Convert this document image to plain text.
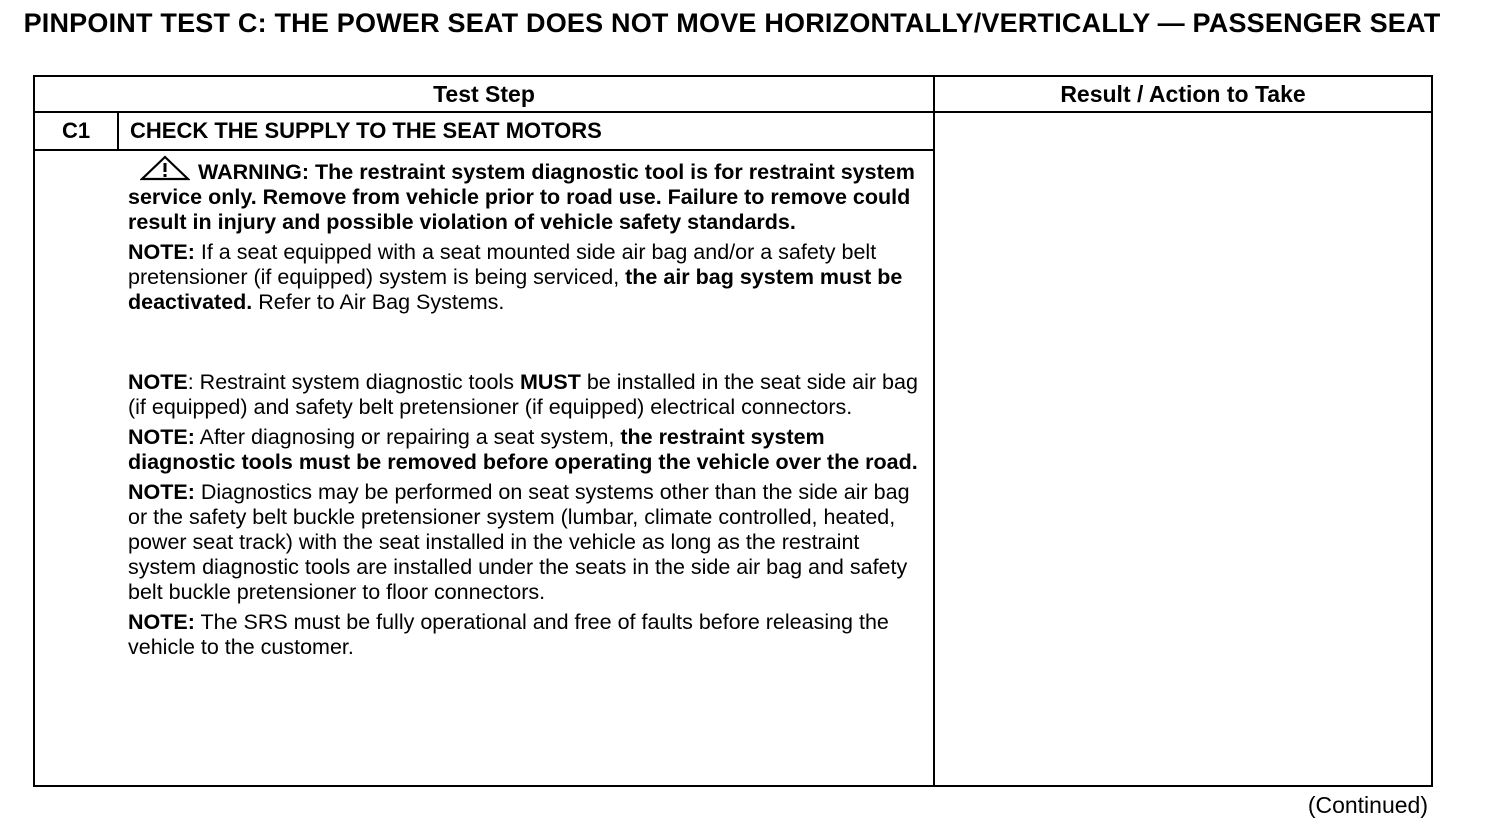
PINPOINT TEST C: THE POWER SEAT DOES NOT MOVE HORIZONTALLY/VERTICALLY — PASSENGER SEAT
Test Step	Result / Action to Take
C1	CHECK THE SUPPLY TO THE SEAT MOTORS

WARNING: The restraint system diagnostic tool is for restraint system service only. Remove from vehicle prior to road use. Failure to remove could result in injury and possible violation of vehicle safety standards.

NOTE: If a seat equipped with a seat mounted side air bag and/or a safety belt pretensioner (if equipped) system is being serviced, the air bag system must be deactivated. Refer to Air Bag Systems.

NOTE: Restraint system diagnostic tools MUST be installed in the seat side air bag (if equipped) and safety belt pretensioner (if equipped) electrical connectors.

NOTE: After diagnosing or repairing a seat system, the restraint system diagnostic tools must be removed before operating the vehicle over the road.

NOTE: Diagnostics may be performed on seat systems other than the side air bag or the safety belt buckle pretensioner system (lumbar, climate controlled, heated, power seat track) with the seat installed in the vehicle as long as the restraint system diagnostic tools are installed under the seats in the side air bag and safety belt buckle pretensioner to floor connectors.

NOTE: The SRS must be fully operational and free of faults before releasing the vehicle to the customer.

(Continued)
